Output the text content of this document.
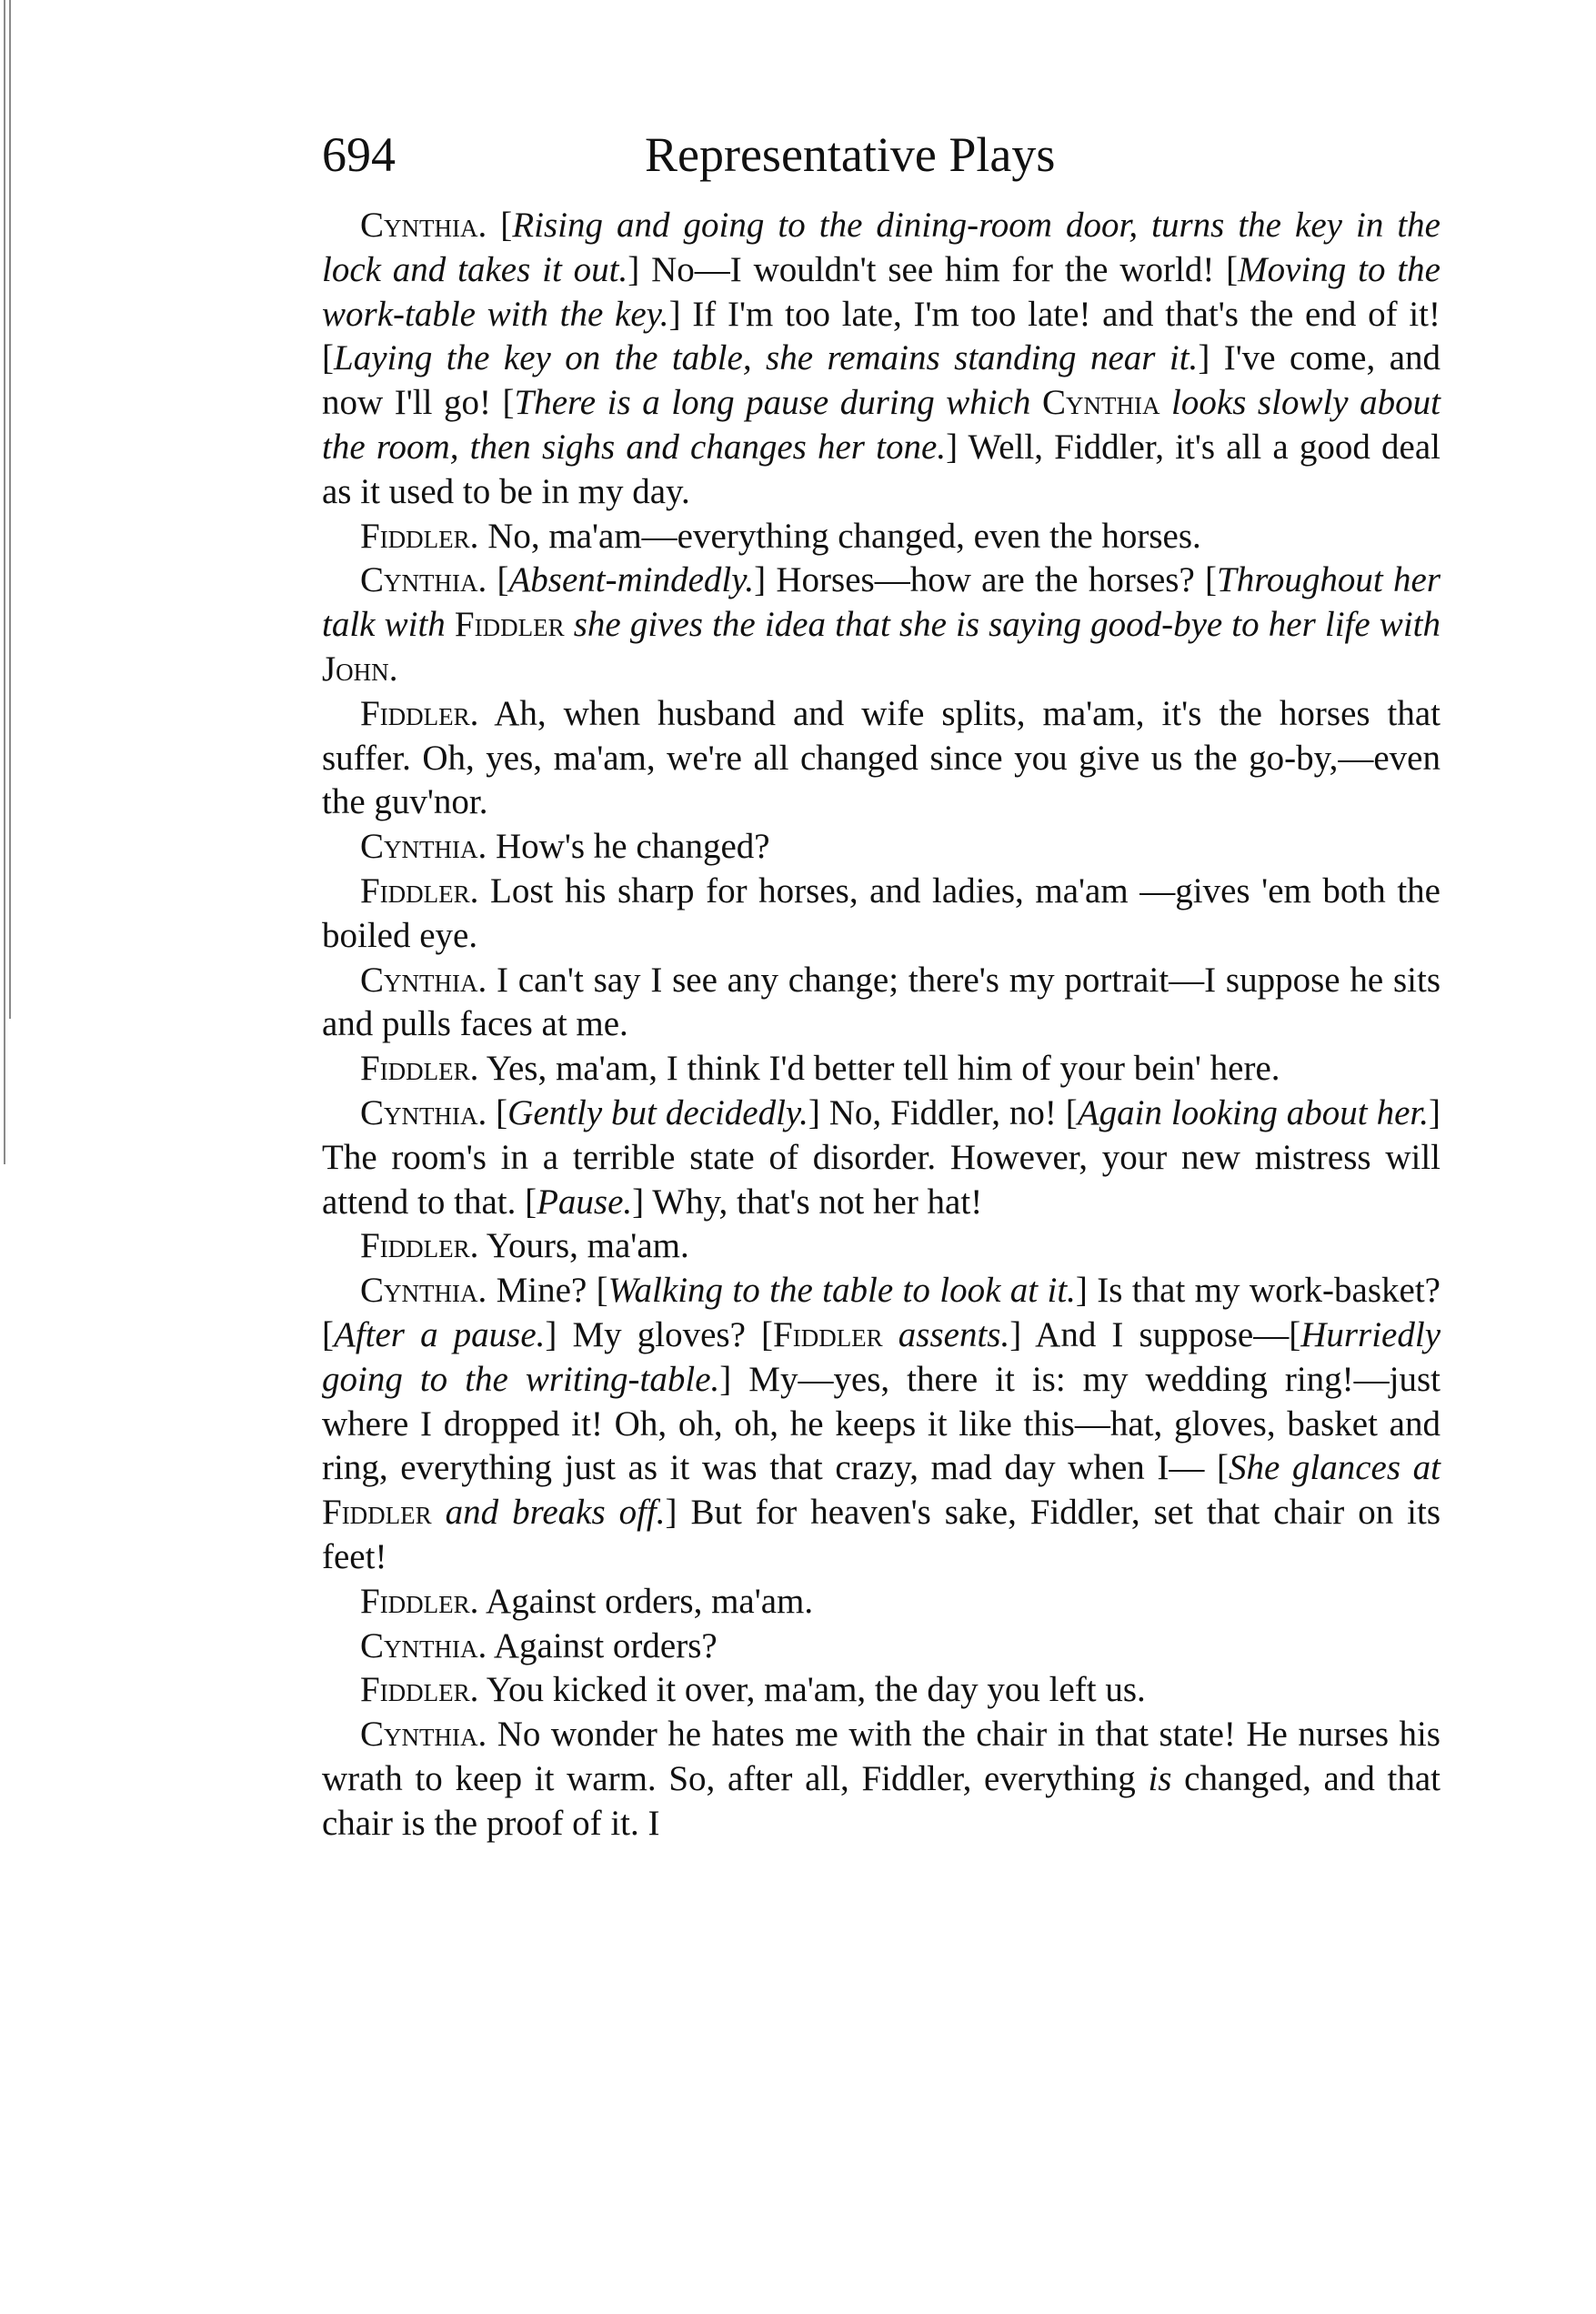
694	Representative Plays

Cynthia. [Rising and going to the dining-room door, turns the key in the lock and takes it out.] No—I wouldn't see him for the world! [Moving to the work-table with the key.] If I'm too late, I'm too late! and that's the end of it! [Laying the key on the table, she remains standing near it.] I've come, and now I'll go! [There is a long pause during which Cynthia looks slowly about the room, then sighs and changes her tone.] Well, Fiddler, it's all a good deal as it used to be in my day.

Fiddler. No, ma'am—everything changed, even the horses.

Cynthia. [Absent-mindedly.] Horses—how are the horses? [Throughout her talk with Fiddler she gives the idea that she is saying good-bye to her life with John.

Fiddler. Ah, when husband and wife splits, ma'am, it's the horses that suffer. Oh, yes, ma'am, we're all changed since you give us the go-by,—even the guv'nor.

Cynthia. How's he changed?

Fiddler. Lost his sharp for horses, and ladies, ma'am —gives 'em both the boiled eye.

Cynthia. I can't say I see any change; there's my portrait—I suppose he sits and pulls faces at me.

Fiddler. Yes, ma'am, I think I'd better tell him of your bein' here.

Cynthia. [Gently but decidedly.] No, Fiddler, no! [Again looking about her.] The room's in a terrible state of disorder. However, your new mistress will attend to that. [Pause.] Why, that's not her hat!

Fiddler. Yours, ma'am.

Cynthia. Mine? [Walking to the table to look at it.] Is that my work-basket? [After a pause.] My gloves? [Fiddler assents.] And I suppose—[Hurriedly going to the writing-table.] My—yes, there it is: my wedding ring!—just where I dropped it! Oh, oh, oh, he keeps it like this—hat, gloves, basket and ring, everything just as it was that crazy, mad day when I— [She glances at Fiddler and breaks off.] But for heaven's sake, Fiddler, set that chair on its feet!

Fiddler. Against orders, ma'am.

Cynthia. Against orders?

Fiddler. You kicked it over, ma'am, the day you left us.

Cynthia. No wonder he hates me with the chair in that state! He nurses his wrath to keep it warm. So, after all, Fiddler, everything is changed, and that chair is the proof of it. I
